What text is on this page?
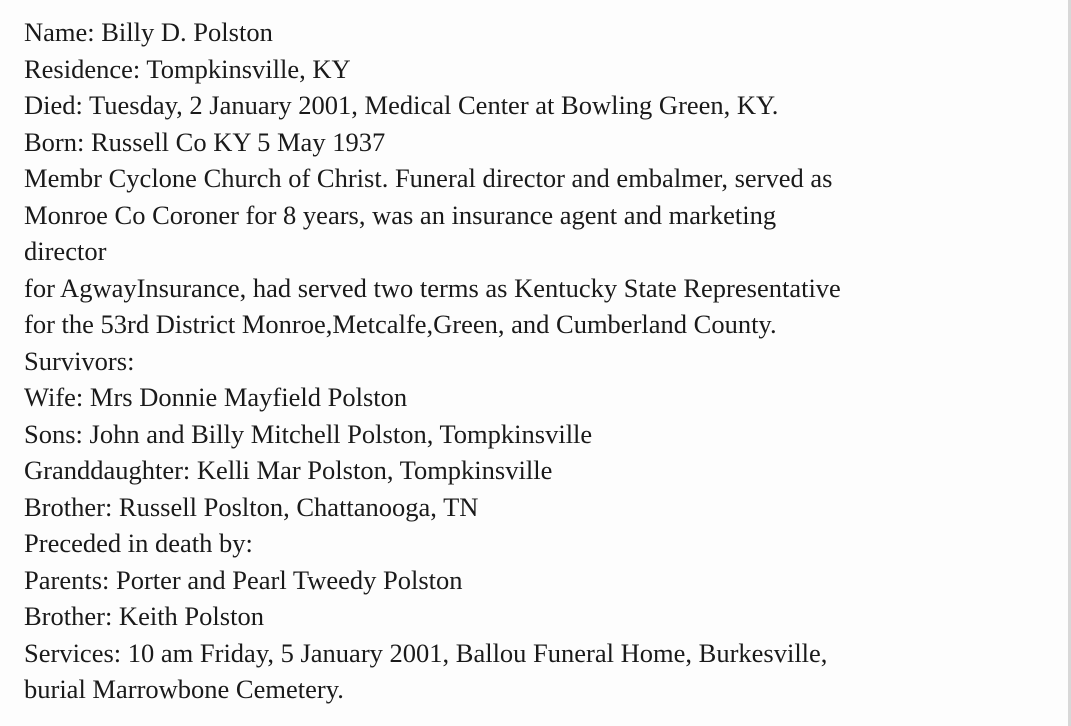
Name: Billy D. Polston
Residence: Tompkinsville, KY
Died: Tuesday, 2 January 2001, Medical Center at Bowling Green, KY.
Born: Russell Co KY 5 May 1937
Membr Cyclone Church of Christ. Funeral director and embalmer, served as
Monroe Co Coroner for 8 years, was an insurance agent and marketing
director
for AgwayInsurance, had served two terms as Kentucky State Representative
for the 53rd District Monroe,Metcalfe,Green, and Cumberland County.
Survivors:
Wife: Mrs Donnie Mayfield Polston
Sons: John and Billy Mitchell Polston, Tompkinsville
Granddaughter: Kelli Mar Polston, Tompkinsville
Brother: Russell Poslton, Chattanooga, TN
Preceded in death by:
Parents: Porter and Pearl Tweedy Polston
Brother: Keith Polston
Services: 10 am Friday, 5 January 2001, Ballou Funeral Home, Burkesville,
burial Marrowbone Cemetery.
